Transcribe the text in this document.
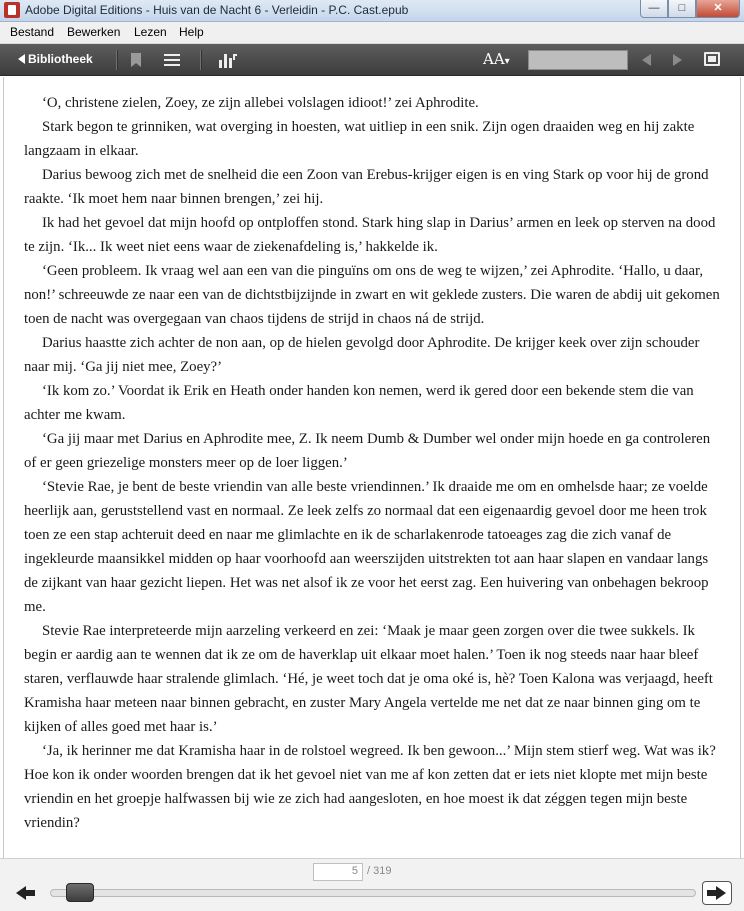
Adobe Digital Editions - Huis van de Nacht 6 - Verleidin - P.C. Cast.epub	—	□	✕
Bestand Bewerken Lezen Help
Bibliotheek	AA▾

‘O, christene zielen, Zoey, ze zijn allebei volslagen idioot!’ zei Aphrodite.

Stark begon te grinniken, wat overging in hoesten, wat uitliep in een snik. Zijn ogen draaiden weg en hij zakte langzaam in elkaar.

Darius bewoog zich met de snelheid die een Zoon van Erebus-krijger eigen is en ving Stark op voor hij de grond raakte. ‘Ik moet hem naar binnen brengen,’ zei hij.

Ik had het gevoel dat mijn hoofd op ontploffen stond. Stark hing slap in Darius’ armen en leek op sterven na dood te zijn. ‘Ik... Ik weet niet eens waar de ziekenafdeling is,’ hakkelde ik.

‘Geen probleem. Ik vraag wel aan een van die pinguïns om ons de weg te wijzen,’ zei Aphrodite. ‘Hallo, u daar, non!’ schreeuwde ze naar een van de dichtstbijzijnde in zwart en wit geklede zusters. Die waren de abdij uit gekomen toen de nacht was overgegaan van chaos tijdens de strijd in chaos ná de strijd.

Darius haastte zich achter de non aan, op de hielen gevolgd door Aphrodite. De krijger keek over zijn schouder naar mij. ‘Ga jij niet mee, Zoey?’

‘Ik kom zo.’ Voordat ik Erik en Heath onder handen kon nemen, werd ik gered door een bekende stem die van achter me kwam.

‘Ga jij maar met Darius en Aphrodite mee, Z. Ik neem Dumb & Dumber wel onder mijn hoede en ga controleren of er geen griezelige monsters meer op de loer liggen.’

‘Stevie Rae, je bent de beste vriendin van alle beste vriendinnen.’ Ik draaide me om en omhelsde haar; ze voelde heerlijk aan, geruststellend vast en normaal. Ze leek zelfs zo normaal dat een eigenaardig gevoel door me heen trok toen ze een stap achteruit deed en naar me glimlachte en ik de scharlakenrode tatoeages zag die zich vanaf de ingekleurde maansikkel midden op haar voorhoofd aan weerszijden uitstrekten tot aan haar slapen en vandaar langs de zijkant van haar gezicht liepen. Het was net alsof ik ze voor het eerst zag. Een huivering van onbehagen bekroop me.

Stevie Rae interpreteerde mijn aarzeling verkeerd en zei: ‘Maak je maar geen zorgen over die twee sukkels. Ik begin er aardig aan te wennen dat ik ze om de haverklap uit elkaar moet halen.’ Toen ik nog steeds naar haar bleef staren, verflauwde haar stralende glimlach. ‘Hé, je weet toch dat je oma oké is, hè? Toen Kalona was verjaagd, heeft Kramisha haar meteen naar binnen gebracht, en zuster Mary Angela vertelde me net dat ze naar binnen ging om te kijken of alles goed met haar is.’

‘Ja, ik herinner me dat Kramisha haar in de rolstoel wegreed. Ik ben gewoon...’ Mijn stem stierf weg. Wat was ik? Hoe kon ik onder woorden brengen dat ik het gevoel niet van me af kon zetten dat er iets niet klopte met mijn beste vriendin en het groepje halfwassen bij wie ze zich had aangesloten, en hoe moest ik dat zéggen tegen mijn beste vriendin?

5 / 319
